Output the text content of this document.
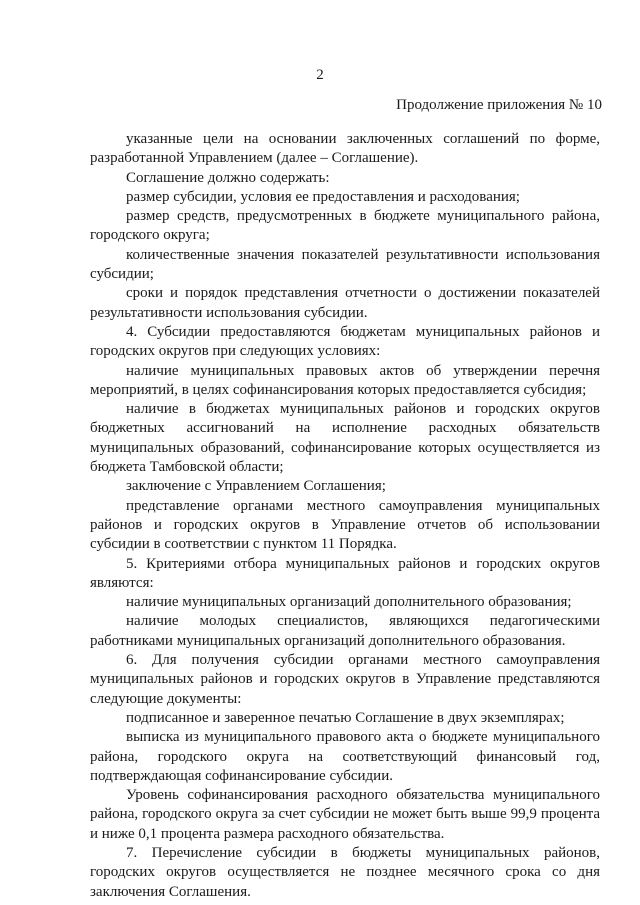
2
Продолжение приложения № 10

указанные цели на основании заключенных соглашений по форме, разработанной Управлением (далее – Соглашение).

Соглашение должно содержать:

размер субсидии, условия ее предоставления и расходования;

размер средств, предусмотренных в бюджете муниципального района, городского округа;

количественные значения показателей результативности использования субсидии;

сроки и порядок представления отчетности о достижении показателей результативности использования субсидии.

4. Субсидии предоставляются бюджетам муниципальных районов и городских округов при следующих условиях:

наличие муниципальных правовых актов об утверждении перечня мероприятий, в целях софинансирования которых предоставляется субсидия;

наличие в бюджетах муниципальных районов и городских округов бюджетных ассигнований на исполнение расходных обязательств муниципальных образований, софинансирование которых осуществляется из бюджета Тамбовской области;

заключение с Управлением Соглашения;

представление органами местного самоуправления муниципальных районов и городских округов в Управление отчетов об использовании субсидии в соответствии с пунктом 11 Порядка.

5. Критериями отбора муниципальных районов и городских округов являются:

наличие муниципальных организаций дополнительного образования;

наличие молодых специалистов, являющихся педагогическими работниками муниципальных организаций дополнительного образования.

6. Для получения субсидии органами местного самоуправления муниципальных районов и городских округов в Управление представляются следующие документы:

подписанное и заверенное печатью Соглашение в двух экземплярах;

выписка из муниципального правового акта о бюджете муниципального района, городского округа на соответствующий финансовый год, подтверждающая софинансирование субсидии.

Уровень софинансирования расходного обязательства муниципального района, городского округа за счет субсидии не может быть выше 99,9 процента и ниже 0,1 процента размера расходного обязательства.

7. Перечисление субсидии в бюджеты муниципальных районов, городских округов осуществляется не позднее месячного срока со дня заключения Соглашения.
